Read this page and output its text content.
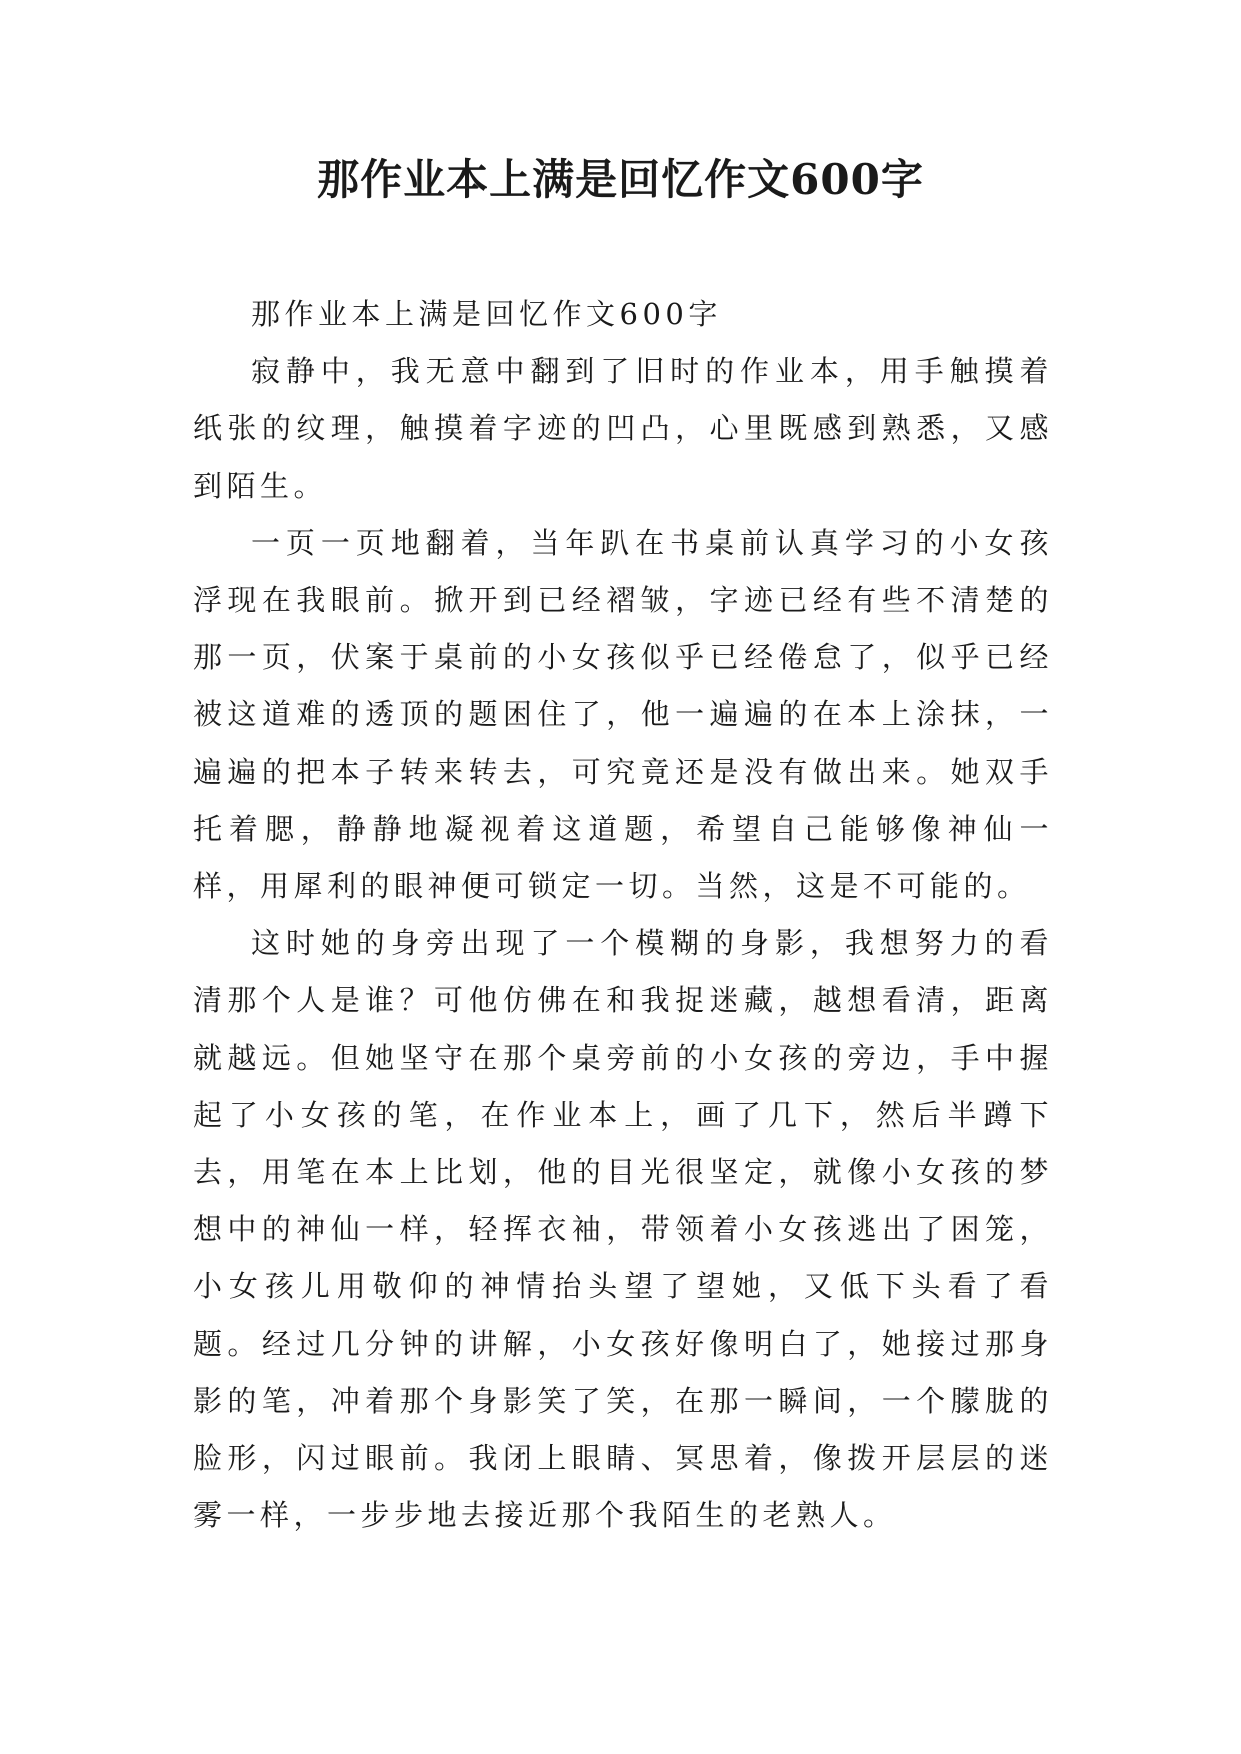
那作业本上满是回忆作文600字

那作业本上满是回忆作文600字

寂静中，我无意中翻到了旧时的作业本，用手触摸着纸张的纹理，触摸着字迹的凹凸，心里既感到熟悉，又感到陌生。

一页一页地翻着，当年趴在书桌前认真学习的小女孩浮现在我眼前。掀开到已经褶皱，字迹已经有些不清楚的那一页，伏案于桌前的小女孩似乎已经倦怠了，似乎已经被这道难的透顶的题困住了，他一遍遍的在本上涂抹，一遍遍的把本子转来转去，可究竟还是没有做出来。她双手托着腮，静静地凝视着这道题，希望自己能够像神仙一样，用犀利的眼神便可锁定一切。当然，这是不可能的。

这时她的身旁出现了一个模糊的身影，我想努力的看清那个人是谁？可他仿佛在和我捉迷藏，越想看清，距离就越远。但她坚守在那个桌旁前的小女孩的旁边，手中握起了小女孩的笔，在作业本上，画了几下，然后半蹲下去，用笔在本上比划，他的目光很坚定，就像小女孩的梦想中的神仙一样，轻挥衣袖，带领着小女孩逃出了困笼，小女孩儿用敬仰的神情抬头望了望她，又低下头看了看题。经过几分钟的讲解，小女孩好像明白了，她接过那身影的笔，冲着那个身影笑了笑，在那一瞬间，一个朦胧的脸形，闪过眼前。我闭上眼睛、冥思着，像拨开层层的迷雾一样，一步步地去接近那个我陌生的老熟人。
